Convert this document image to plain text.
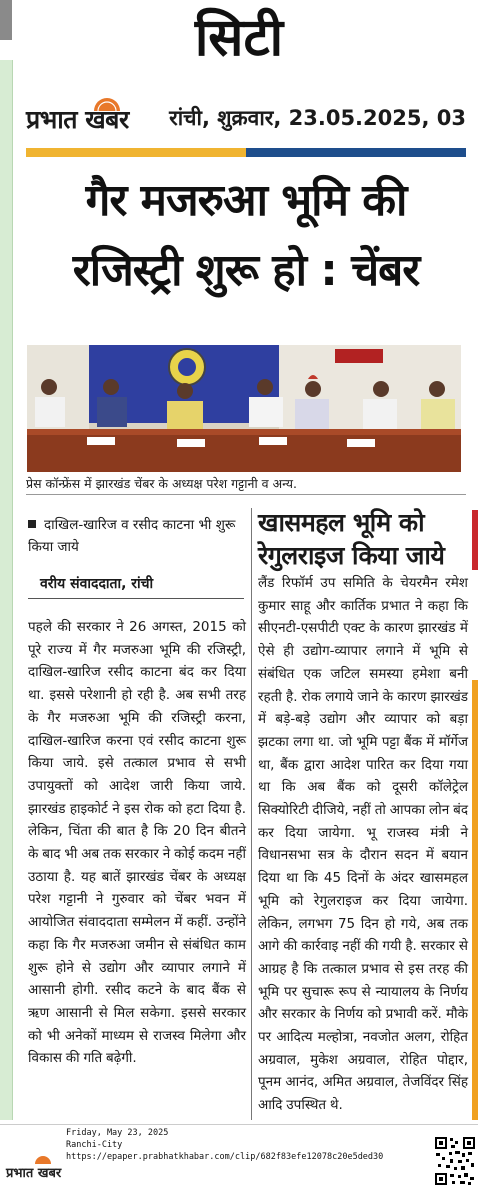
सिटी
प्रभात खबर रांची, शुक्रवार, 23.05.2025, 03
गैर मजरुआ भूमि की
रजिस्ट्री शुरू हो : चेंबर
प्रेस कॉन्फ्रेंस में झारखंड चेंबर के अध्यक्ष परेश गट्टानी व अन्य.
दाखिल-खारिज व रसीद काटना भी शुरू किया जाये
वरीय संवाददाता, रांची
पहले की सरकार ने 26 अगस्त, 2015 को पूरे राज्य में गैर मजरुआ भूमि की रजिस्ट्री, दाखिल-खारिज रसीद काटना बंद कर दिया था. इससे परेशानी हो रही है. अब सभी तरह के गैर मजरुआ भूमि की रजिस्ट्री करना, दाखिल-खारिज करना एवं रसीद काटना शुरू किया जाये. इसे तत्काल प्रभाव से सभी उपायुक्तों को आदेश जारी किया जाये. झारखंड हाइकोर्ट ने इस रोक को हटा दिया है. लेकिन, चिंता की बात है कि 20 दिन बीतने के बाद भी अब तक सरकार ने कोई कदम नहीं उठाया है. यह बातें झारखंड चेंबर के अध्यक्ष परेश गट्टानी ने गुरुवार को चेंबर भवन में आयोजित संवाददाता सम्मेलन में कहीं. उन्होंने कहा कि गैर मजरुआ जमीन से संबंधित काम शुरू होने से उद्योग और व्यापार लगाने में आसानी होगी. रसीद कटने के बाद बैंक से ऋण आसानी से मिल सकेगा. इससे सरकार को भी अनेकों माध्यम से राजस्व मिलेगा और विकास की गति बढ़ेगी.
खासमहल भूमि को रेगुलराइज किया जाये
लैंड रिफॉर्म उप समिति के चेयरमैन रमेश कुमार साहू और कार्तिक प्रभात ने कहा कि सीएनटी-एसपीटी एक्ट के कारण झारखंड में ऐसे ही उद्योग-व्यापार लगाने में भूमि से संबंधित एक जटिल समस्या हमेशा बनी रहती है. रोक लगाये जाने के कारण झारखंड में बड़े-बड़े उद्योग और व्यापार को बड़ा झटका लगा था. जो भूमि पट्टा बैंक में मॉर्गेज था, बैंक द्वारा आदेश पारित कर दिया गया था कि अब बैंक को दूसरी कॉलेट्रेल सिक्योरिटी दीजिये, नहीं तो आपका लोन बंद कर दिया जायेगा. भू राजस्व मंत्री ने विधानसभा सत्र के दौरान सदन में बयान दिया था कि 45 दिनों के अंदर खासमहल भूमि को रेगुलराइज कर दिया जायेगा. लेकिन, लगभग 75 दिन हो गये, अब तक आगे की कार्रवाइ नहीं की गयी है. सरकार से आग्रह है कि तत्काल प्रभाव से इस तरह की भूमि पर सुचारू रूप से न्यायालय के निर्णय और सरकार के निर्णय को प्रभावी करें. मौके पर आदित्य मल्होत्रा, नवजोत अलग, रोहित अग्रवाल, मुकेश अग्रवाल, रोहित पोद्दार, पूनम आनंद, अमित अग्रवाल, तेजविंदर सिंह आदि उपस्थित थे.
प्रभात खबर
Friday, May 23, 2025
Ranchi-City
https://epaper.prabhatkhabar.com/clip/682f83efe12078c20e5ded30
